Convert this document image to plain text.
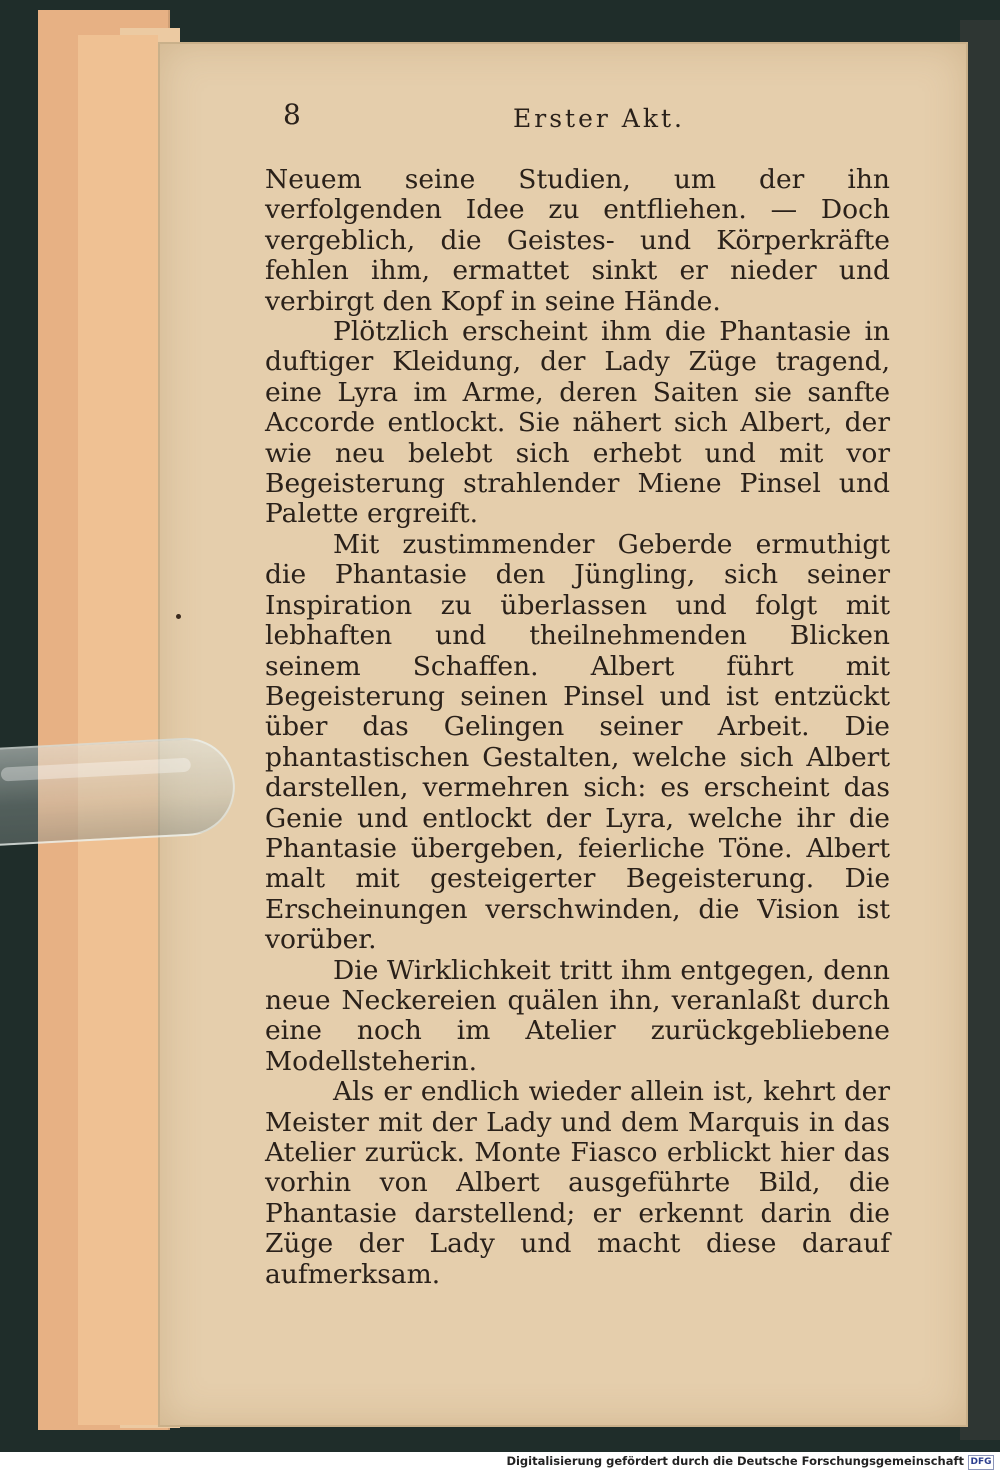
8	Erster Akt.

Neuem seine Studien, um der ihn verfolgenden Idee zu entfliehen. — Doch vergeblich, die Geistes- und Körperkräfte fehlen ihm, ermattet sinkt er nieder und verbirgt den Kopf in seine Hände.

Plötzlich erscheint ihm die Phantasie in duftiger Kleidung, der Lady Züge tragend, eine Lyra im Arme, deren Saiten sie sanfte Accorde entlockt. Sie nähert sich Albert, der wie neu belebt sich erhebt und mit vor Begeisterung strahlender Miene Pinsel und Palette ergreift.

Mit zustimmender Geberde ermuthigt die Phantasie den Jüngling, sich seiner Inspiration zu überlassen und folgt mit lebhaften und theilnehmenden Blicken seinem Schaffen. Albert führt mit Begeisterung seinen Pinsel und ist entzückt über das Gelingen seiner Arbeit. Die phantastischen Gestalten, welche sich Albert darstellen, vermehren sich: es erscheint das Genie und entlockt der Lyra, welche ihr die Phantasie übergeben, feierliche Töne. Albert malt mit gesteigerter Begeisterung. Die Erscheinungen verschwinden, die Vision ist vorüber.

Die Wirklichkeit tritt ihm entgegen, denn neue Neckereien quälen ihn, veranlaßt durch eine noch im Atelier zurückgebliebene Modellsteherin.

Als er endlich wieder allein ist, kehrt der Meister mit der Lady und dem Marquis in das Atelier zurück. Monte Fiasco erblickt hier das vorhin von Albert ausgeführte Bild, die Phantasie darstellend; er erkennt darin die Züge der Lady und macht diese darauf aufmerksam.

Digitalisierung gefördert durch die Deutsche Forschungsgemeinschaft DFG
